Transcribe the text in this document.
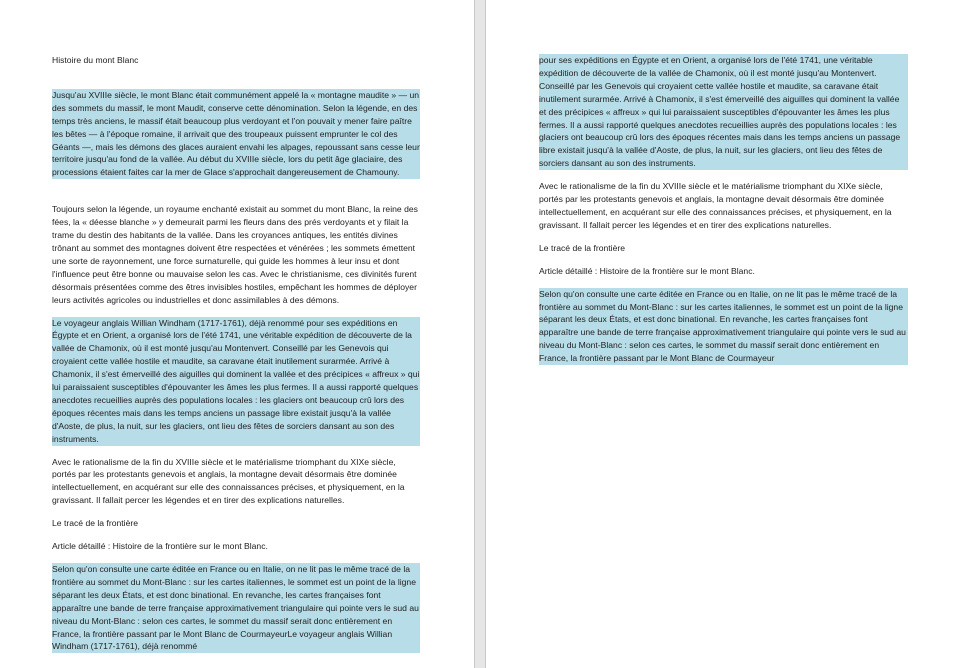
Histoire du mont Blanc

Jusqu'au XVIIIe siècle, le mont Blanc était communément appelé la « montagne maudite » — un des sommets du massif, le mont Maudit, conserve cette dénomination. Selon la légende, en des temps très anciens, le massif était beaucoup plus verdoyant et l'on pouvait y mener faire paître les bêtes — à l'époque romaine, il arrivait que des troupeaux puissent emprunter le col des Géants —, mais les démons des glaces auraient envahi les alpages, repoussant sans cesse leur territoire jusqu'au fond de la vallée. Au début du XVIIIe siècle, lors du petit âge glaciaire, des processions étaient faites car la mer de Glace s'approchait dangereusement de Chamouny.

Toujours selon la légende, un royaume enchanté existait au sommet du mont Blanc, la reine des fées, la « déesse blanche » y demeurait parmi les fleurs dans des prés verdoyants et y filait la trame du destin des habitants de la vallée. Dans les croyances antiques, les entités divines trônant au sommet des montagnes doivent être respectées et vénérées ; les sommets émettent une sorte de rayonnement, une force surnaturelle, qui guide les hommes à leur insu et dont l'influence peut être bonne ou mauvaise selon les cas. Avec le christianisme, ces divinités furent désormais présentées comme des êtres invisibles hostiles, empêchant les hommes de déployer leurs activités agricoles ou industrielles et donc assimilables à des démons.

Le voyageur anglais Willian Windham (1717-1761), déjà renommé pour ses expéditions en Égypte et en Orient, a organisé lors de l'été 1741, une véritable expédition de découverte de la vallée de Chamonix, où il est monté jusqu'au Montenvert. Conseillé par les Genevois qui croyaient cette vallée hostile et maudite, sa caravane était inutilement surarmée. Arrivé à Chamonix, il s'est émerveillé des aiguilles qui dominent la vallée et des précipices « affreux » qui lui paraissaient susceptibles d'épouvanter les âmes les plus fermes. Il a aussi rapporté quelques anecdotes recueillies auprès des populations locales : les glaciers ont beaucoup crû lors des époques récentes mais dans les temps anciens un passage libre existait jusqu'à la vallée d'Aoste, de plus, la nuit, sur les glaciers, ont lieu des fêtes de sorciers dansant au son des instruments.

Avec le rationalisme de la fin du XVIIIe siècle et le matérialisme triomphant du XIXe siècle, portés par les protestants genevois et anglais, la montagne devait désormais être dominée intellectuellement, en acquérant sur elle des connaissances précises, et physiquement, en la gravissant. Il fallait percer les légendes et en tirer des explications naturelles.

Le tracé de la frontière

Article détaillé : Histoire de la frontière sur le mont Blanc.

Selon qu'on consulte une carte éditée en France ou en Italie, on ne lit pas le même tracé de la frontière au sommet du Mont-Blanc : sur les cartes italiennes, le sommet est un point de la ligne séparant les deux États, et est donc binational. En revanche, les cartes françaises font apparaître une bande de terre française approximativement triangulaire qui pointe vers le sud au niveau du Mont-Blanc : selon ces cartes, le sommet du massif serait donc entièrement en France, la frontière passant par le Mont Blanc de CourmayeurLe voyageur anglais Willian Windham (1717-1761), déjà renommé

pour ses expéditions en Égypte et en Orient, a organisé lors de l'été 1741, une véritable expédition de découverte de la vallée de Chamonix, où il est monté jusqu'au Montenvert. Conseillé par les Genevois qui croyaient cette vallée hostile et maudite, sa caravane était inutilement surarmée. Arrivé à Chamonix, il s'est émerveillé des aiguilles qui dominent la vallée et des précipices « affreux » qui lui paraissaient susceptibles d'épouvanter les âmes les plus fermes. Il a aussi rapporté quelques anecdotes recueillies auprès des populations locales : les glaciers ont beaucoup crû lors des époques récentes mais dans les temps anciens un passage libre existait jusqu'à la vallée d'Aoste, de plus, la nuit, sur les glaciers, ont lieu des fêtes de sorciers dansant au son des instruments.

Avec le rationalisme de la fin du XVIIIe siècle et le matérialisme triomphant du XIXe siècle, portés par les protestants genevois et anglais, la montagne devait désormais être dominée intellectuellement, en acquérant sur elle des connaissances précises, et physiquement, en la gravissant. Il fallait percer les légendes et en tirer des explications naturelles.

Le tracé de la frontière

Article détaillé : Histoire de la frontière sur le mont Blanc.

Selon qu'on consulte une carte éditée en France ou en Italie, on ne lit pas le même tracé de la frontière au sommet du Mont-Blanc : sur les cartes italiennes, le sommet est un point de la ligne séparant les deux États, et est donc binational. En revanche, les cartes françaises font apparaître une bande de terre française approximativement triangulaire qui pointe vers le sud au niveau du Mont-Blanc : selon ces cartes, le sommet du massif serait donc entièrement en France, la frontière passant par le Mont Blanc de Courmayeur
